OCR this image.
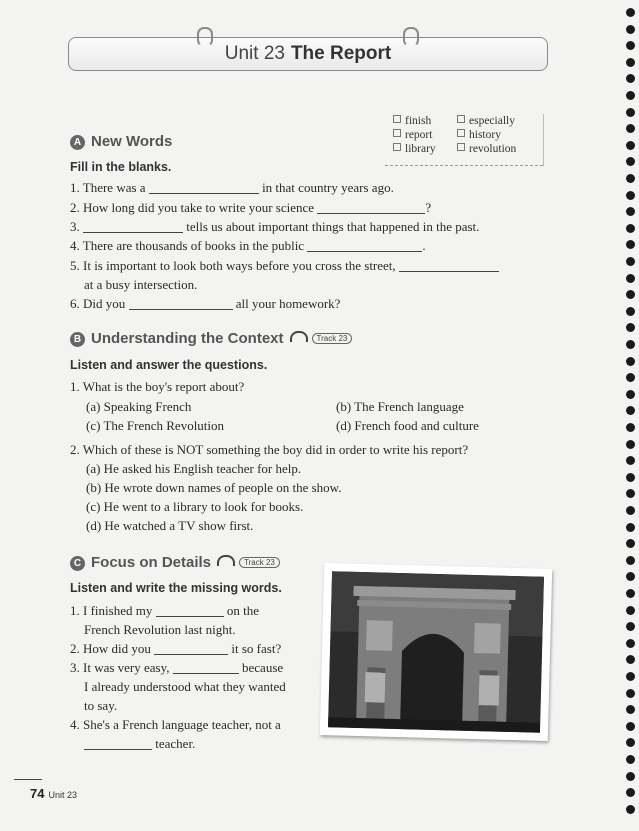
Unit 23 The Report
finish
report
library
especially
history
revolution
A New Words
Fill in the blanks.
1. There was a	in that country years ago.
2. How long did you take to write your science	?
3.	tells us about important things that happened in the past.
4. There are thousands of books in the public	.
5. It is important to look both ways before you cross the street,
at a busy intersection.
6. Did you	all your homework?
B Understanding the Context	Track 23
Listen and answer the questions.
1. What is the boy's report about?
(a) Speaking French	(b) The French language
(c) The French Revolution	(d) French food and culture
2. Which of these is NOT something the boy did in order to write his report?
(a) He asked his English teacher for help.
(b) He wrote down names of people on the show.
(c) He went to a library to look for books.
(d) He watched a TV show first.
C Focus on Details	Track 23
Listen and write the missing words.
1. I finished my	on the
French Revolution last night.
2. How did you	it so fast?
3. It was very easy,	because
I already understood what they wanted
to say.
4. She's a French language teacher, not a
teacher.
74 Unit 23
